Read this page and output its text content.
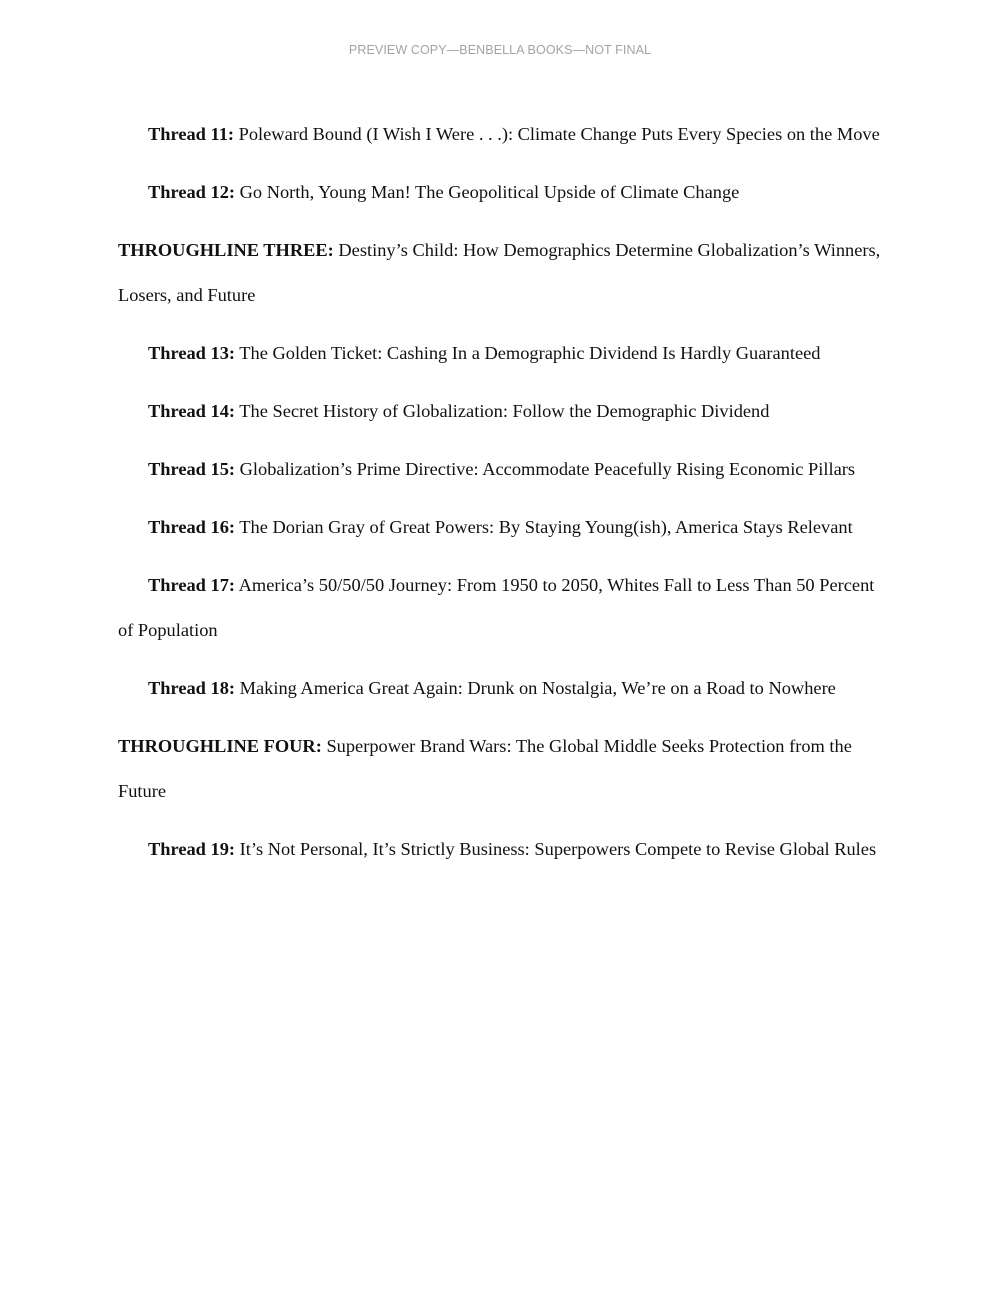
PREVIEW COPY—BENBELLA BOOKS—NOT FINAL

Thread 11: Poleward Bound (I Wish I Were . . .): Climate Change Puts Every Species on the Move

Thread 12: Go North, Young Man! The Geopolitical Upside of Climate Change

THROUGHLINE THREE: Destiny’s Child: How Demographics Determine Globalization’s Winners, Losers, and Future

Thread 13: The Golden Ticket: Cashing In a Demographic Dividend Is Hardly Guaranteed

Thread 14: The Secret History of Globalization: Follow the Demographic Dividend

Thread 15: Globalization’s Prime Directive: Accommodate Peacefully Rising Economic Pillars

Thread 16: The Dorian Gray of Great Powers: By Staying Young(ish), America Stays Relevant

Thread 17: America’s 50/50/50 Journey: From 1950 to 2050, Whites Fall to Less Than 50 Percent of Population

Thread 18: Making America Great Again: Drunk on Nostalgia, We’re on a Road to Nowhere

THROUGHLINE FOUR: Superpower Brand Wars: The Global Middle Seeks Protection from the Future

Thread 19: It’s Not Personal, It’s Strictly Business: Superpowers Compete to Revise Global Rules
